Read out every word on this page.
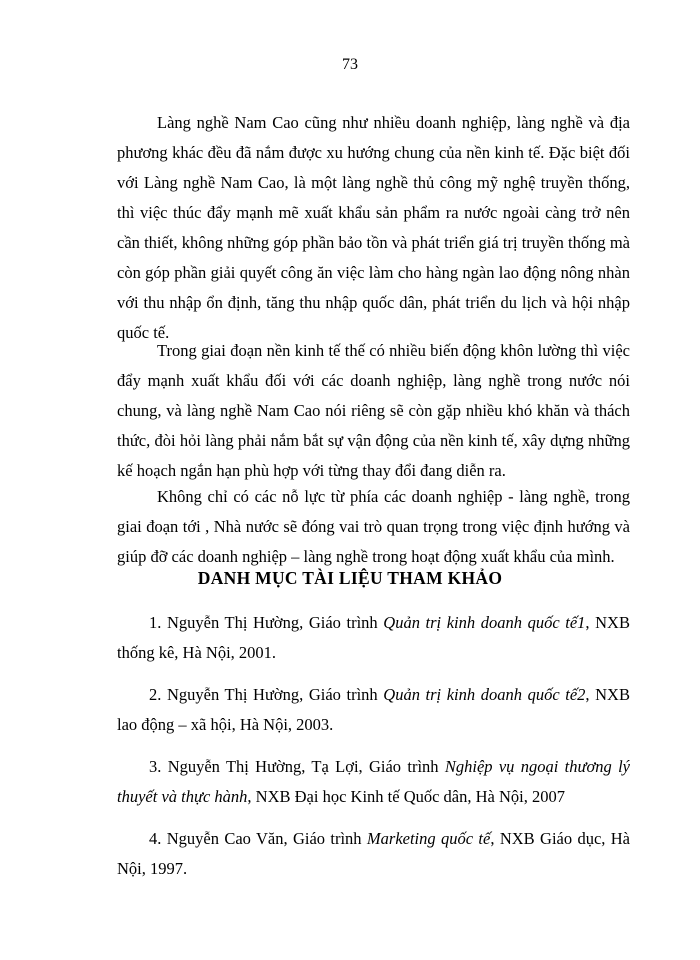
73

Làng nghề Nam Cao cũng như nhiều doanh nghiệp, làng nghề và địa phương khác đều đã nắm được xu hướng chung của nền kinh tế. Đặc biệt đối với Làng nghề Nam Cao, là một làng nghề thủ công mỹ nghệ truyền thống, thì việc thúc đẩy mạnh mẽ xuất khẩu sản phẩm ra nước ngoài càng trở nên cần thiết, không những góp phần bảo tồn và phát triển giá trị truyền thống mà còn góp phần giải quyết công ăn việc làm cho hàng ngàn lao động nông nhàn với thu nhập ổn định, tăng thu nhập quốc dân, phát triển du lịch và hội nhập quốc tế.

Trong giai đoạn nền kinh tế thế có nhiều biến động khôn lường thì việc đẩy mạnh xuất khẩu đối với các doanh nghiệp, làng nghề trong nước nói chung, và làng nghề Nam Cao nói riêng sẽ còn gặp nhiều khó khăn và thách thức, đòi hỏi làng phải nắm bắt sự vận động của nền kinh tế, xây dựng những kế hoạch ngắn hạn phù hợp với từng thay đổi đang diễn ra.

Không chỉ có các nỗ lực từ phía các doanh nghiệp - làng nghề, trong giai đoạn tới , Nhà nước sẽ đóng vai trò quan trọng trong việc định hướng và giúp đỡ các doanh nghiệp – làng nghề trong hoạt động xuất khẩu của mình.

DANH MỤC TÀI LIỆU THAM KHẢO
1. Nguyễn Thị Hường, Giáo trình Quản trị kinh doanh quốc tế1, NXB thống kê, Hà Nội, 2001.
2. Nguyễn Thị Hường, Giáo trình Quản trị kinh doanh quốc tế2, NXB lao động – xã hội, Hà Nội, 2003.
3. Nguyễn Thị Hường, Tạ Lợi, Giáo trình Nghiệp vụ ngoại thương lý thuyết và thực hành, NXB Đại học Kinh tế Quốc dân, Hà Nội, 2007
4. Nguyễn Cao Văn, Giáo trình Marketing quốc tế, NXB Giáo dục, Hà Nội, 1997.
